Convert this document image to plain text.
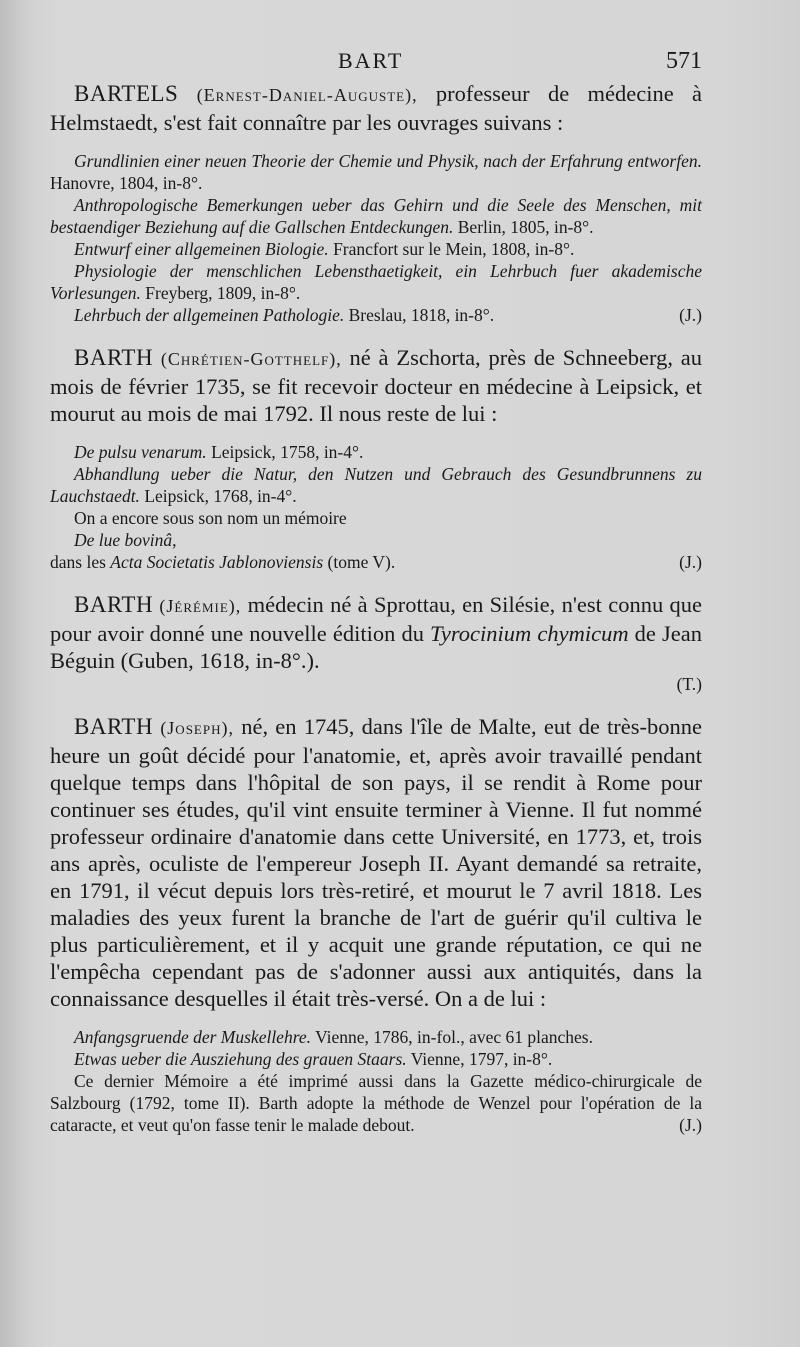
BART	571

BARTELS (Ernest-Daniel-Auguste), professeur de médecine à Helmstaedt, s'est fait connaître par les ouvrages suivans :

Grundlinien einer neuen Theorie der Chemie und Physik, nach der Erfahrung entworfen. Hanovre, 1804, in-8°.

Anthropologische Bemerkungen ueber das Gehirn und die Seele des Menschen, mit bestaendiger Beziehung auf die Gallschen Entdeckungen. Berlin, 1805, in-8°.

Entwurf einer allgemeinen Biologie. Francfort sur le Mein, 1808, in-8°.

Physiologie der menschlichen Lebensthaetigkeit, ein Lehrbuch fuer akademische Vorlesungen. Freyberg, 1809, in-8°.

Lehrbuch der allgemeinen Pathologie. Breslau, 1818, in-8°.	(J.)

BARTH (Chrétien-Gotthelf), né à Zschorta, près de Schneeberg, au mois de février 1735, se fit recevoir docteur en médecine à Leipsick, et mourut au mois de mai 1792. Il nous reste de lui :

De pulsu venarum. Leipsick, 1758, in-4°.

Abhandlung ueber die Natur, den Nutzen und Gebrauch des Gesundbrunnens zu Lauchstaedt. Leipsick, 1768, in-4°.

On a encore sous son nom un mémoire

De lue bovinâ,

dans les Acta Societatis Jablonoviensis (tome V).	(J.)

BARTH (Jérémie), médecin né à Sprottau, en Silésie, n'est connu que pour avoir donné une nouvelle édition du Tyrocinium chymicum de Jean Béguin (Guben, 1618, in-8°.).

(T.)

BARTH (Joseph), né, en 1745, dans l'île de Malte, eut de très-bonne heure un goût décidé pour l'anatomie, et, après avoir travaillé pendant quelque temps dans l'hôpital de son pays, il se rendit à Rome pour continuer ses études, qu'il vint ensuite terminer à Vienne. Il fut nommé professeur ordinaire d'anatomie dans cette Université, en 1773, et, trois ans après, oculiste de l'empereur Joseph II. Ayant demandé sa retraite, en 1791, il vécut depuis lors très-retiré, et mourut le 7 avril 1818. Les maladies des yeux furent la branche de l'art de guérir qu'il cultiva le plus particulièrement, et il y acquit une grande réputation, ce qui ne l'empêcha cependant pas de s'adonner aussi aux antiquités, dans la connaissance desquelles il était très-versé. On a de lui :

Anfangsgruende der Muskellehre. Vienne, 1786, in-fol., avec 61 planches.

Etwas ueber die Ausziehung des grauen Staars. Vienne, 1797, in-8°.

Ce dernier Mémoire a été imprimé aussi dans la Gazette médico-chirurgicale de Salzbourg (1792, tome II). Barth adopte la méthode de Wenzel pour l'opération de la cataracte, et veut qu'on fasse tenir le malade debout.	(J.)
